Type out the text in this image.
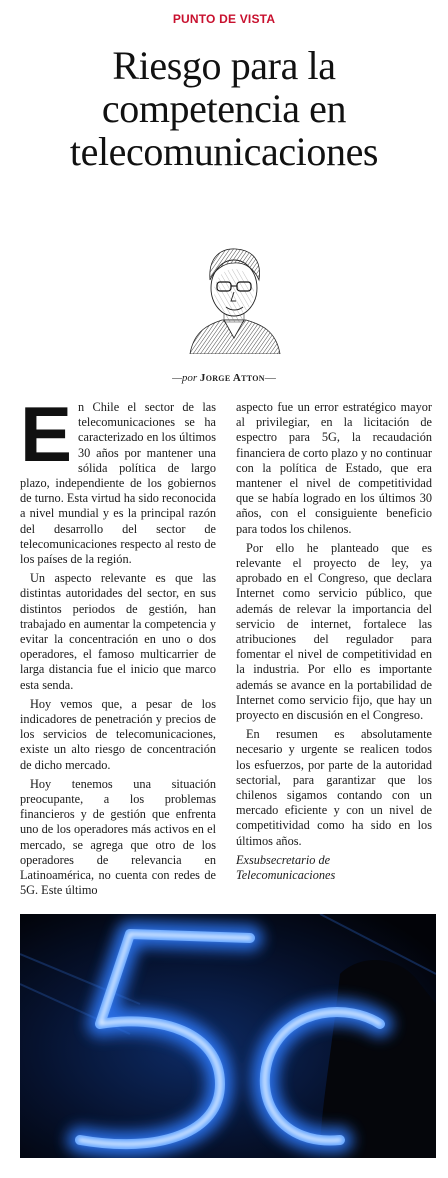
PUNTO DE VISTA
Riesgo para la competencia en telecomunicaciones
—por Jorge Atton—
E n Chile el sector de las telecomunicaciones se ha caracterizado en los últimos 30 años por mantener una sólida política de largo plazo, independiente de los gobiernos de turno. Esta virtud ha sido reconocida a nivel mundial y es la principal razón del desarrollo del sector de telecomunicaciones respecto al resto de los países de la región.

Un aspecto relevante es que las distintas autoridades del sector, en sus distintos periodos de gestión, han trabajado en aumentar la competencia y evitar la concentración en uno o dos operadores, el famoso multicarrier de larga distancia fue el inicio que marco esta senda.

Hoy vemos que, a pesar de los indicadores de penetración y precios de los servicios de telecomunicaciones, existe un alto riesgo de concentración de dicho mercado.

Hoy tenemos una situación preocupante, a los problemas financieros y de gestión que enfrenta uno de los operadores más activos en el mercado, se agrega que otro de los operadores de relevancia en Latinoamérica, no cuenta con redes de 5G. Este último

aspecto fue un error estratégico mayor al privilegiar, en la licitación de espectro para 5G, la recaudación financiera de corto plazo y no continuar con la política de Estado, que era mantener el nivel de competitividad que se había logrado en los últimos 30 años, con el consiguiente beneficio para todos los chilenos.

Por ello he planteado que es relevante el proyecto de ley, ya aprobado en el Congreso, que declara Internet como servicio público, que además de relevar la importancia del servicio de internet, fortalece las atribuciones del regulador para fomentar el nivel de competitividad en la industria. Por ello es importante además se avance en la portabilidad de Internet como servicio fijo, que hay un proyecto en discusión en el Congreso.

En resumen es absolutamente necesario y urgente se realicen todos los esfuerzos, por parte de la autoridad sectorial, para garantizar que los chilenos sigamos contando con un mercado eficiente y con un nivel de competitividad como ha sido en los últimos años.

Exsubsecretario de
Telecomunicaciones
